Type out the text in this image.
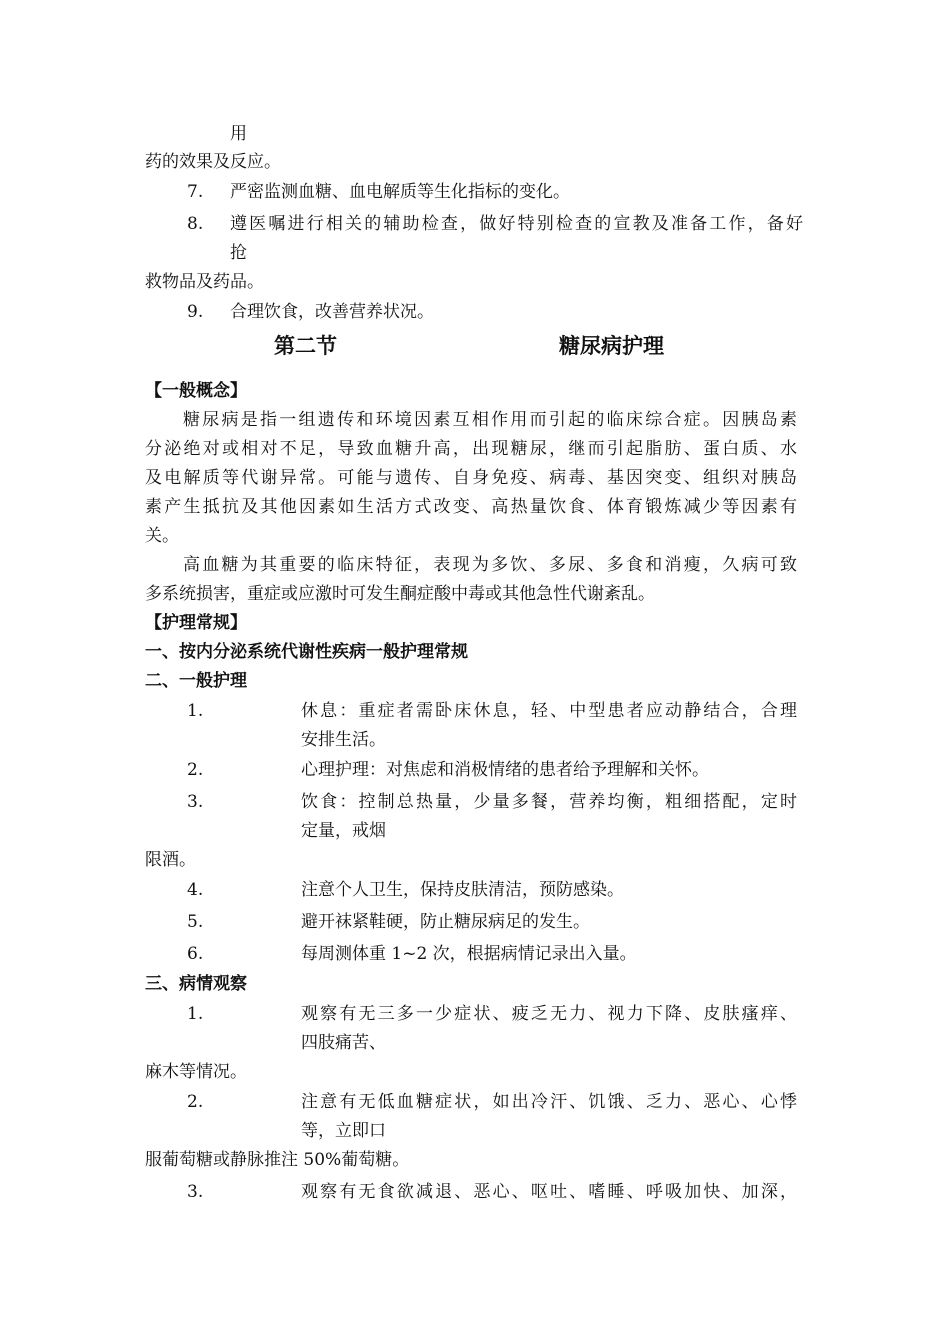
用
药的效果及反应。
7. 严密监测血糖、血电解质等生化指标的变化。
8. 遵医嘱进行相关的辅助检查，做好特别检查的宣教及准备工作，备好
抢
救物品及药品。
9. 合理饮食，改善营养状况。
第二节	糖尿病护理
【一般概念】
糖尿病是指一组遗传和环境因素互相作用而引起的临床综合症。因胰岛素
分泌绝对或相对不足，导致血糖升高，出现糖尿，继而引起脂肪、蛋白质、水
及电解质等代谢异常。可能与遗传、自身免疫、病毒、基因突变、组织对胰岛
素产生抵抗及其他因素如生活方式改变、高热量饮食、体育锻炼减少等因素有
关。
高血糖为其重要的临床特征，表现为多饮、多尿、多食和消瘦，久病可致
多系统损害，重症或应激时可发生酮症酸中毒或其他急性代谢紊乱。
【护理常规】
一、按内分泌系统代谢性疾病一般护理常规
二、一般护理
1.	休息：重症者需卧床休息，轻、中型患者应动静结合，合理
安排生活。
2.	心理护理：对焦虑和消极情绪的患者给予理解和关怀。
3.	饮食：控制总热量，少量多餐，营养均衡，粗细搭配，定时
定量，戒烟
限酒。
4.	注意个人卫生，保持皮肤清洁，预防感染。
5.	避开袜紧鞋硬，防止糖尿病足的发生。
6.	每周测体重 1~2 次，根据病情记录出入量。
三、病情观察
1.	观察有无三多一少症状、疲乏无力、视力下降、皮肤瘙痒、
四肢痛苦、
麻木等情况。
2.	注意有无低血糖症状，如出冷汗、饥饿、乏力、恶心、心悸
等，立即口
服葡萄糖或静脉推注 50%葡萄糖。
3.	观察有无食欲减退、恶心、呕吐、嗜睡、呼吸加快、加深，
